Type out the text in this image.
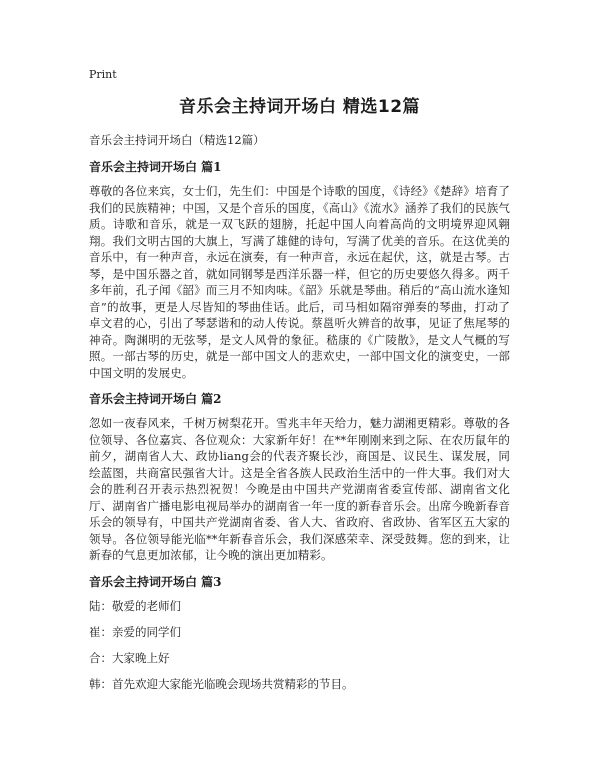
Print
音乐会主持词开场白 精选12篇
音乐会主持词开场白（精选12篇）
音乐会主持词开场白 篇1

尊敬的各位来宾，女士们，先生们：中国是个诗歌的国度，《诗经》《楚辞》培育了我们的民族精神；中国，又是个音乐的国度，《高山》《流水》涵养了我们的民族气质。诗歌和音乐，就是一双飞跃的翅膀，托起中国人向着高尚的文明境界迎风翱翔。我们文明古国的大旗上，写满了雄健的诗句，写满了优美的音乐。在这优美的音乐中，有一种声音，永远在演奏，有一种声音，永远在起伏，这，就是古琴。古琴，是中国乐器之首，就如同钢琴是西洋乐器一样，但它的历史要悠久得多。两千多年前，孔子闻《韶》而三月不知肉味。《韶》乐就是琴曲。稍后的“高山流水逢知音”的故事，更是人尽皆知的琴曲佳话。此后，司马相如隔帘弹奏的琴曲，打动了卓文君的心，引出了琴瑟谐和的动人传说。蔡邕听火辨音的故事，见证了焦尾琴的神奇。陶渊明的无弦琴，是文人风骨的象征。嵇康的《广陵散》，是文人气概的写照。一部古琴的历史，就是一部中国文人的悲欢史，一部中国文化的演变史，一部中国文明的发展史。

音乐会主持词开场白 篇2

忽如一夜春风来，千树万树梨花开。雪兆丰年天给力，魅力湖湘更精彩。尊敬的各位领导、各位嘉宾、各位观众：大家新年好！在**年刚刚来到之际、在农历鼠年的前夕，湖南省人大、政协liang会的代表齐聚长沙，商国是、议民生、谋发展，同绘蓝图，共商富民强省大计。这是全省各族人民政治生活中的一件大事。我们对大会的胜利召开表示热烈祝贺！今晚是由中国共产党湖南省委宣传部、湖南省文化厅、湖南省广播电影电视局举办的湖南省一年一度的新春音乐会。出席今晚新春音乐会的领导有，中国共产党湖南省委、省人大、省政府、省政协、省军区五大家的领导。各位领导能光临**年新春音乐会，我们深感荣幸、深受鼓舞。您的到来，让新春的气息更加浓郁，让今晚的演出更加精彩。

音乐会主持词开场白 篇3

陆：敬爱的老师们

崔：亲爱的同学们

合：大家晚上好

韩：首先欢迎大家能光临晚会现场共赏精彩的节目。
